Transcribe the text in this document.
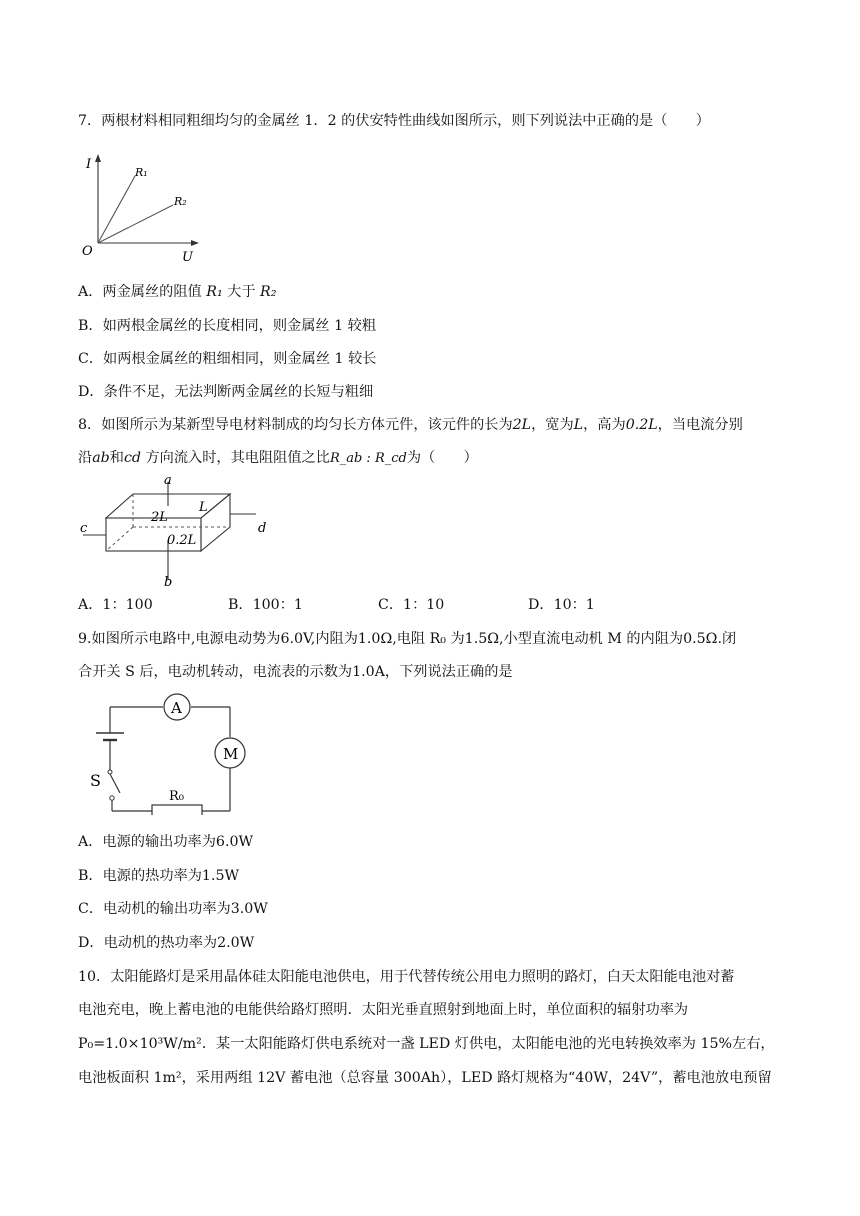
7．两根材料相同粗细均匀的金属丝 1．2 的伏安特性曲线如图所示，则下列说法中正确的是（　　）
I
U
O
R₁
R₂
A．两金属丝的阻值 R₁ 大于 R₂
B．如两根金属丝的长度相同，则金属丝 1 较粗
C．如两根金属丝的粗细相同，则金属丝 1 较长
D．条件不足，无法判断两金属丝的长短与粗细
8．如图所示为某新型导电材料制成的均匀长方体元件，该元件的长为2L，宽为L，高为0.2L，当电流分别
沿ab和cd 方向流入时，其电阻阻值之比R_ab : R_cd为（　　）
a
b
c	d
2L
L
0.2L
A．1：100	B．100：1	C．1：10	D．10：1
9.如图所示电路中,电源电动势为6.0V,内阻为1.0Ω,电阻 R₀ 为1.5Ω,小型直流电动机 M 的内阻为0.5Ω.闭
合开关 S 后，电动机转动，电流表的示数为1.0A，下列说法正确的是
A
M
R₀
S
A．电源的输出功率为6.0W
B．电源的热功率为1.5W
C．电动机的输出功率为3.0W
D．电动机的热功率为2.0W
10．太阳能路灯是采用晶体硅太阳能电池供电，用于代替传统公用电力照明的路灯，白天太阳能电池对蓄
电池充电，晚上蓄电池的电能供给路灯照明．太阳光垂直照射到地面上时，单位面积的辐射功率为
P₀=1.0×10³W/m²．某一太阳能路灯供电系统对一盏 LED 灯供电，太阳能电池的光电转换效率为 15%左右，
电池板面积 1m²，采用两组 12V 蓄电池（总容量 300Ah），LED 路灯规格为“40W，24V”，蓄电池放电预留
